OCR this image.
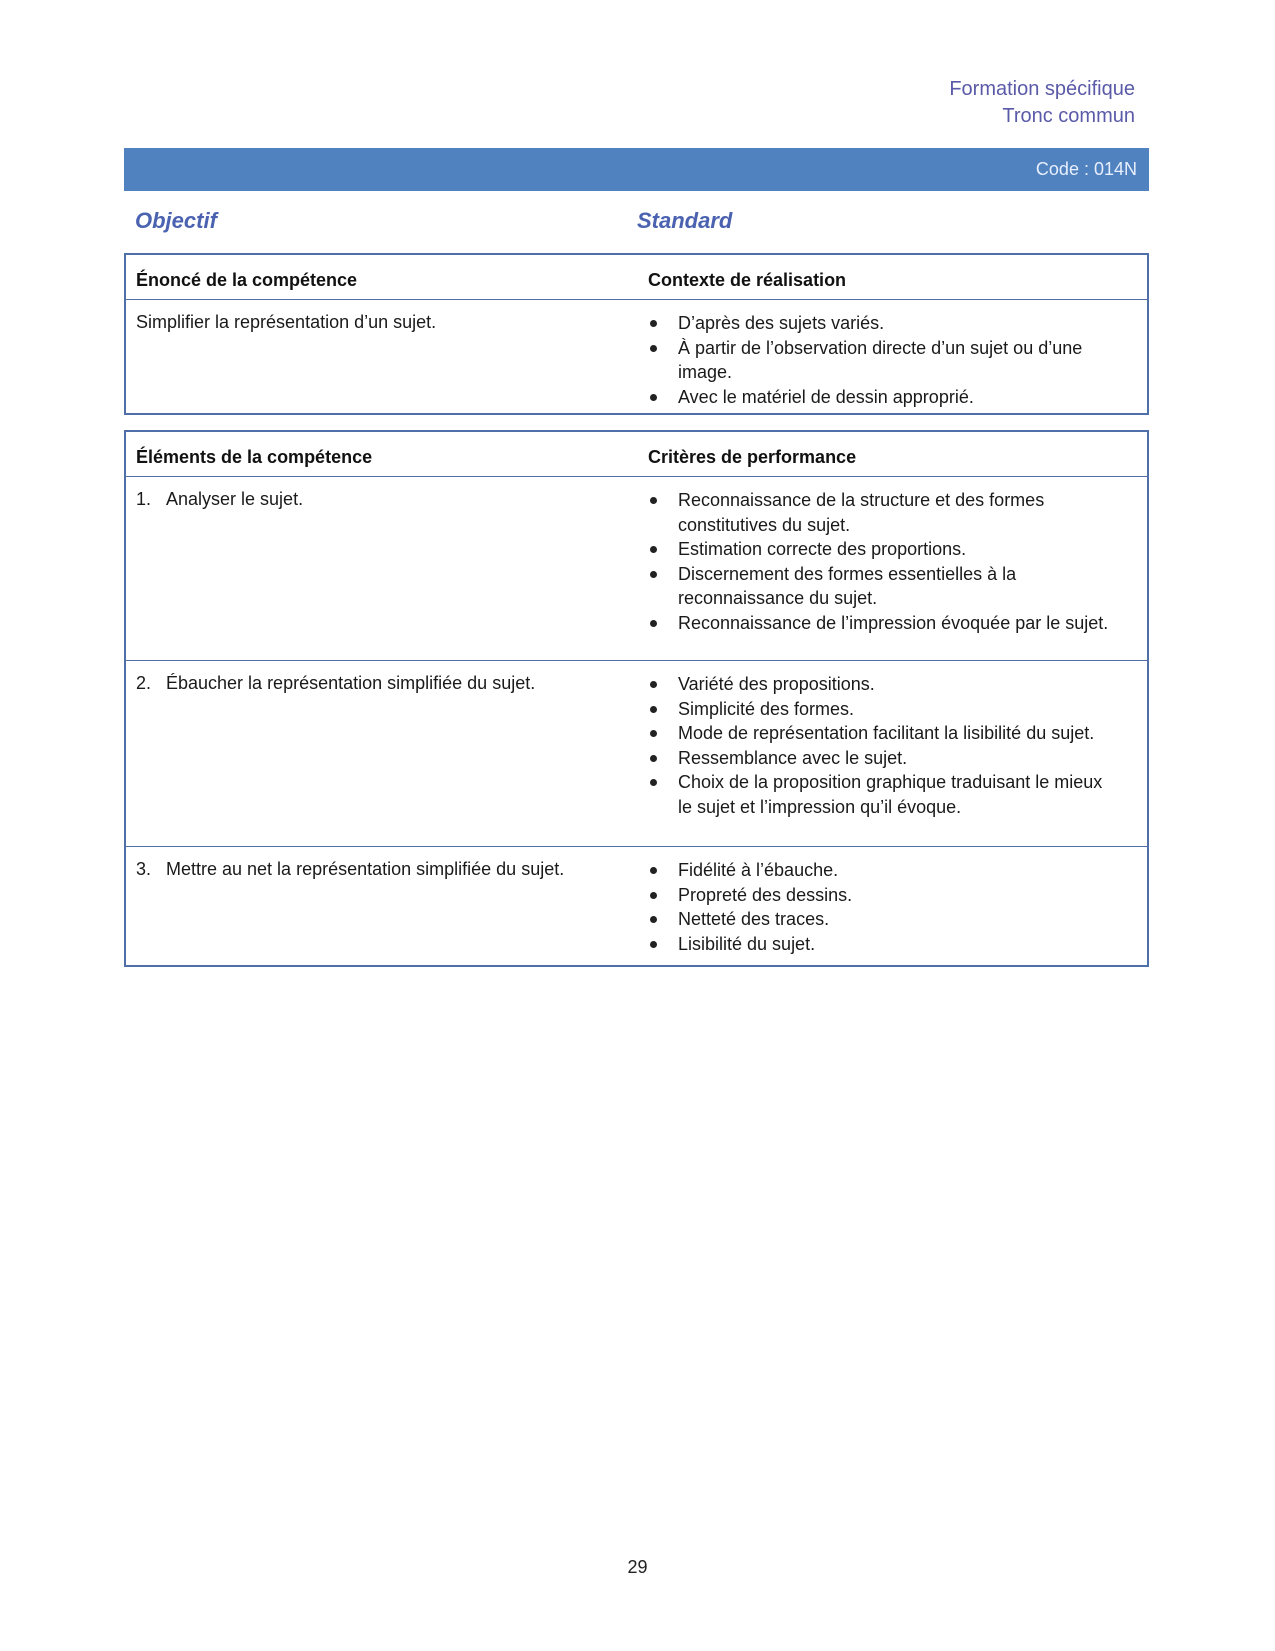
Formation spécifique
Tronc commun
Code : 014N
Objectif	Standard
Énoncé de la compétence	Contexte de réalisation
Simplifier la représentation d’un sujet.	D’après des sujets variés.
À partir de l’observation directe d’un sujet ou d’une image.
Avec le matériel de dessin approprié.
Éléments de la compétence	Critères de performance
1. Analyser le sujet.	Reconnaissance de la structure et des formes constitutives du sujet.
Estimation correcte des proportions.
Discernement des formes essentielles à la reconnaissance du sujet.
Reconnaissance de l’impression évoquée par le sujet.
2. Ébaucher la représentation simplifiée du sujet.	Variété des propositions.
Simplicité des formes.
Mode de représentation facilitant la lisibilité du sujet.
Ressemblance avec le sujet.
Choix de la proposition graphique traduisant le mieux le sujet et l’impression qu’il évoque.
3. Mettre au net la représentation simplifiée du sujet.	Fidélité à l’ébauche.
Propreté des dessins.
Netteté des traces.
Lisibilité du sujet.
29
